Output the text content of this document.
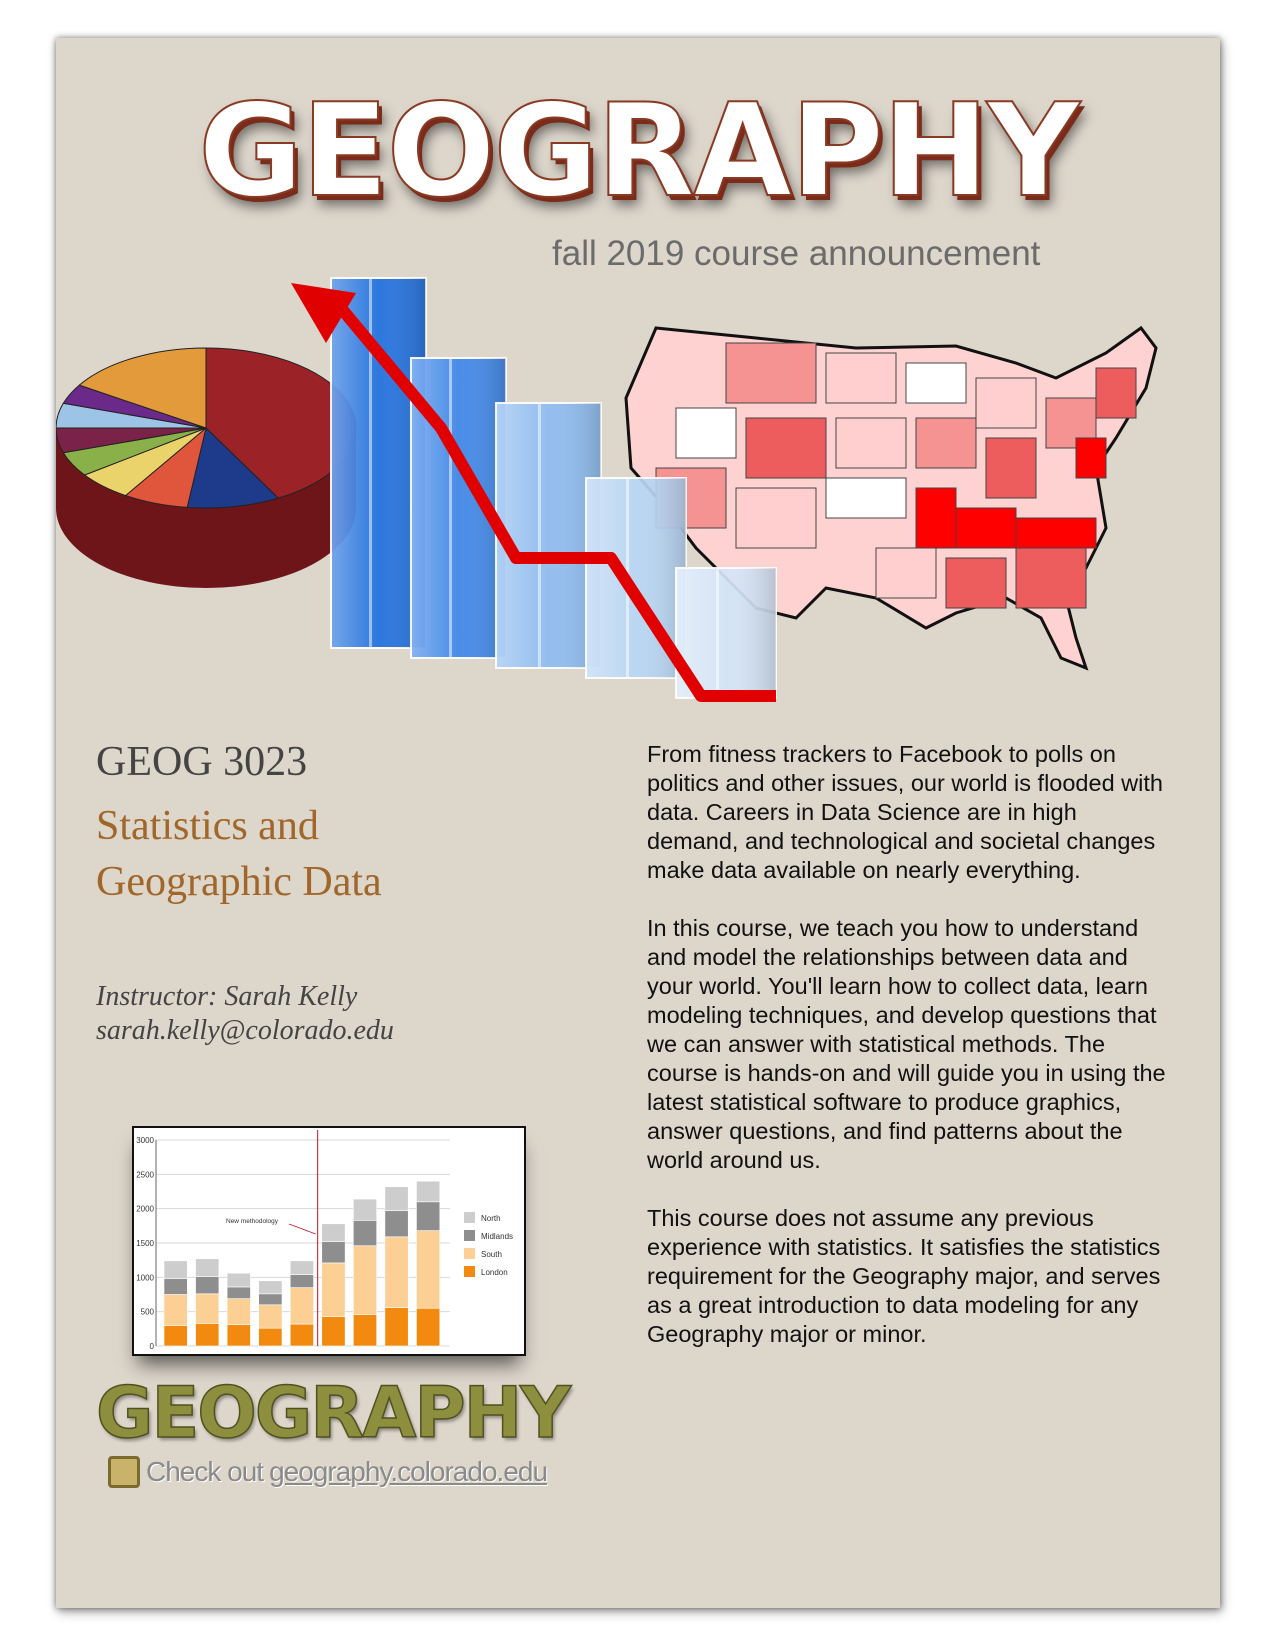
GEOGRAPHY
fall 2019 course announcement
GEOG 3023
Statistics and Geographic Data
Instructor: Sarah Kelly
sarah.kelly@colorado.edu

From fitness trackers to Facebook to polls on politics and other issues, our world is flooded with data. Careers in Data Science are in high demand, and technological and societal changes make data available on nearly everything.

In this course, we teach you how to understand and model the relationships between data and your world. You'll learn how to collect data, learn modeling techniques, and develop questions that we can answer with statistical methods. The course is hands-on and will guide you in using the latest statistical software to produce graphics, answer questions, and find patterns about the world around us.

This course does not assume any previous experience with statistics. It satisfies the statistics requirement for the Geography major, and serves as a great introduction to data modeling for any Geography major or minor.

0
500
1000
1500
2000
2500
3000
New methodology	North
Midlands
South
London
GEOGRAPHY
Check out geography.colorado.edu
